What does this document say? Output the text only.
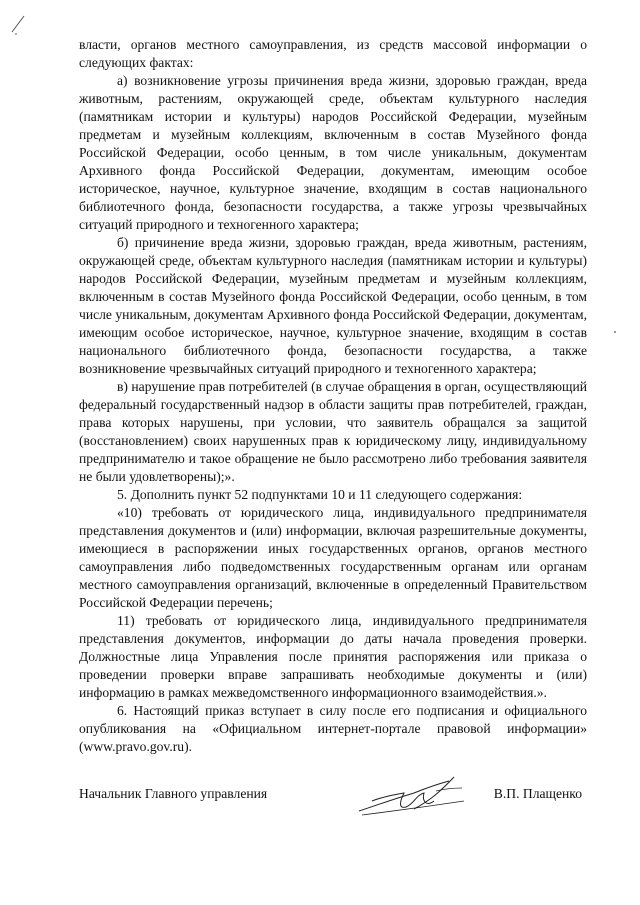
власти, органов местного самоуправления, из средств массовой информации о следующих фактах:

а) возникновение угрозы причинения вреда жизни, здоровью граждан, вреда животным, растениям, окружающей среде, объектам культурного наследия (памятникам истории и культуры) народов Российской Федерации, музейным предметам и музейным коллекциям, включенным в состав Музейного фонда Российской Федерации, особо ценным, в том числе уникальным, документам Архивного фонда Российской Федерации, документам, имеющим особое историческое, научное, культурное значение, входящим в состав национального библиотечного фонда, безопасности государства, а также угрозы чрезвычайных ситуаций природного и техногенного характера;

б) причинение вреда жизни, здоровью граждан, вреда животным, растениям, окружающей среде, объектам культурного наследия (памятникам истории и культуры) народов Российской Федерации, музейным предметам и музейным коллекциям, включенным в состав Музейного фонда Российской Федерации, особо ценным, в том числе уникальным, документам Архивного фонда Российской Федерации, документам, имеющим особое историческое, научное, культурное значение, входящим в состав национального библиотечного фонда, безопасности государства, а также возникновение чрезвычайных ситуаций природного и техногенного характера;

в) нарушение прав потребителей (в случае обращения в орган, осуществляющий федеральный государственный надзор в области защиты прав потребителей, граждан, права которых нарушены, при условии, что заявитель обращался за защитой (восстановлением) своих нарушенных прав к юридическому лицу, индивидуальному предпринимателю и такое обращение не было рассмотрено либо требования заявителя не были удовлетворены);».

5. Дополнить пункт 52 подпунктами 10 и 11 следующего содержания:

«10) требовать от юридического лица, индивидуального предпринимателя представления документов и (или) информации, включая разрешительные документы, имеющиеся в распоряжении иных государственных органов, органов местного самоуправления либо подведомственных государственным органам или органам местного самоуправления организаций, включенные в определенный Правительством Российской Федерации перечень;

11) требовать от юридического лица, индивидуального предпринимателя представления документов, информации до даты начала проведения проверки. Должностные лица Управления после принятия распоряжения или приказа о проведении проверки вправе запрашивать необходимые документы и (или) информацию в рамках межведомственного информационного взаимодействия.».

6. Настоящий приказ вступает в силу после его подписания и официального опубликования на «Официальном интернет-портале правовой информации» (www.pravo.gov.ru).

Начальник Главного управления	В.П. Плащенко
